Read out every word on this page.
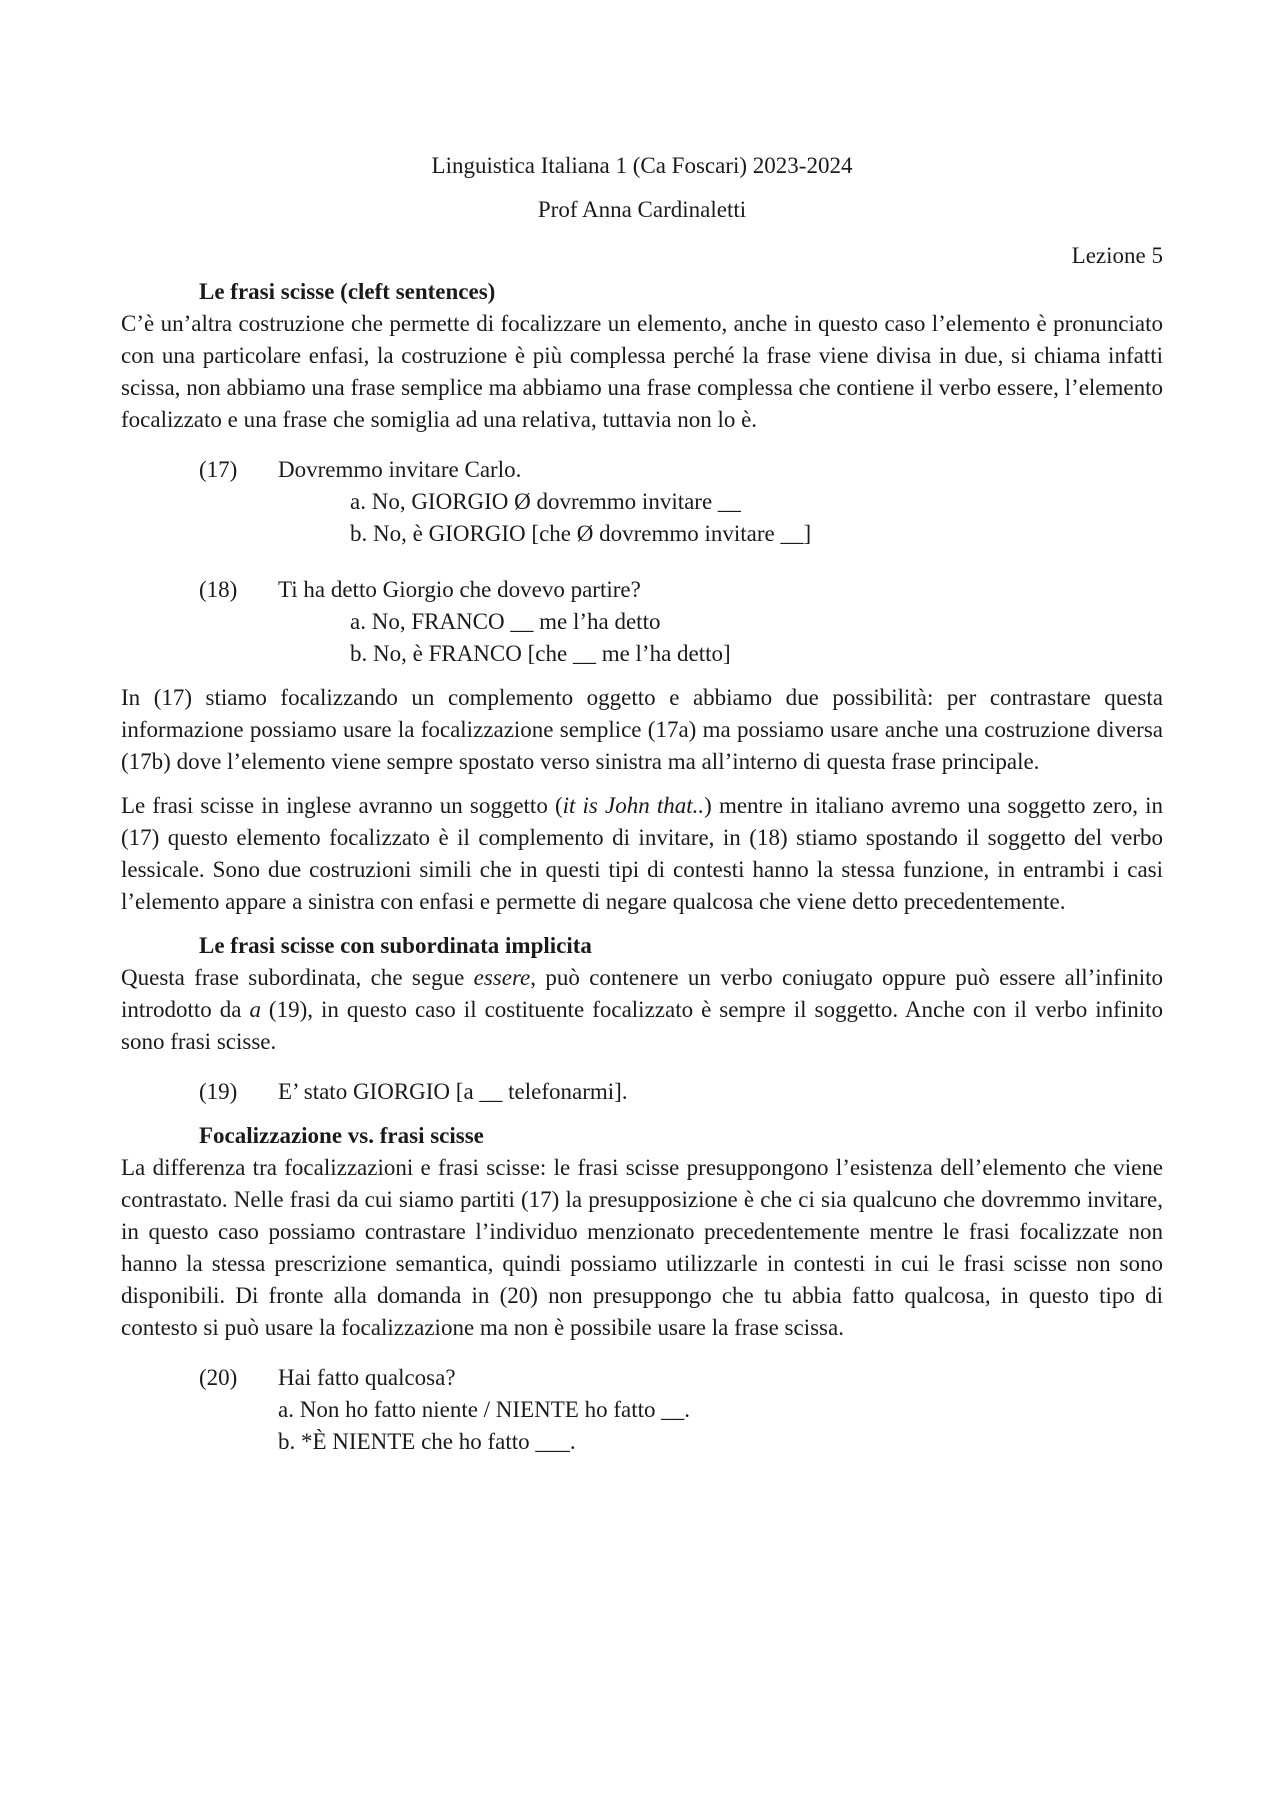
Linguistica Italiana 1 (Ca Foscari) 2023-2024

Prof Anna Cardinaletti

Lezione 5

Le frasi scisse (cleft sentences)

C’è un’altra costruzione che permette di focalizzare un elemento, anche in questo caso l’elemento è pronunciato con una particolare enfasi, la costruzione è più complessa perché la frase viene divisa in due, si chiama infatti scissa, non abbiamo una frase semplice ma abbiamo una frase complessa che contiene il verbo essere, l’elemento focalizzato e una frase che somiglia ad una relativa, tuttavia non lo è.

(17)	Dovremmo invitare Carlo.
a. No, GIORGIO Ø dovremmo invitare __
b. No, è GIORGIO [che Ø dovremmo invitare __]
(18)	Ti ha detto Giorgio che dovevo partire?
a. No, FRANCO __ me l’ha detto
b. No, è FRANCO [che __ me l’ha detto]

In (17) stiamo focalizzando un complemento oggetto e abbiamo due possibilità: per contrastare questa informazione possiamo usare la focalizzazione semplice (17a) ma possiamo usare anche una costruzione diversa (17b) dove l’elemento viene sempre spostato verso sinistra ma all’interno di questa frase principale.

Le frasi scisse in inglese avranno un soggetto (it is John that..) mentre in italiano avremo una soggetto zero, in (17) questo elemento focalizzato è il complemento di invitare, in (18) stiamo spostando il soggetto del verbo lessicale. Sono due costruzioni simili che in questi tipi di contesti hanno la stessa funzione, in entrambi i casi l’elemento appare a sinistra con enfasi e permette di negare qualcosa che viene detto precedentemente.

Le frasi scisse con subordinata implicita

Questa frase subordinata, che segue essere, può contenere un verbo coniugato oppure può essere all’infinito introdotto da a (19), in questo caso il costituente focalizzato è sempre il soggetto. Anche con il verbo infinito sono frasi scisse.

(19)	E’ stato GIORGIO [a __ telefonarmi].

Focalizzazione vs. frasi scisse

La differenza tra focalizzazioni e frasi scisse: le frasi scisse presuppongono l’esistenza dell’elemento che viene contrastato. Nelle frasi da cui siamo partiti (17) la presupposizione è che ci sia qualcuno che dovremmo invitare, in questo caso possiamo contrastare l’individuo menzionato precedentemente mentre le frasi focalizzate non hanno la stessa prescrizione semantica, quindi possiamo utilizzarle in contesti in cui le frasi scisse non sono disponibili. Di fronte alla domanda in (20) non presuppongo che tu abbia fatto qualcosa, in questo tipo di contesto si può usare la focalizzazione ma non è possibile usare la frase scissa.

(20)	Hai fatto qualcosa?
a. Non ho fatto niente / NIENTE ho fatto __.
b. *È NIENTE che ho fatto ___.
